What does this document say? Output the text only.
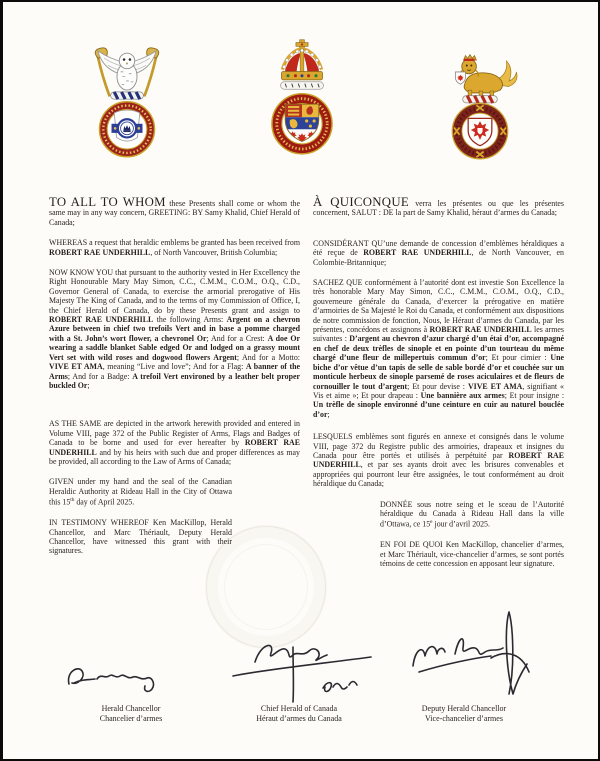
TO ALL TO WHOM these Presents shall come or whom the same may in any way concern, GREETING: BY Samy Khalid, Chief Herald of Canada;

WHEREAS a request that heraldic emblems be granted has been received from ROBERT RAE UNDERHILL, of North Vancouver, British Columbia;

NOW KNOW YOU that pursuant to the authority vested in Her Excellency the Right Honourable Mary May Simon, C.C., C.M.M., C.O.M., O.Q., C.D., Governor General of Canada, to exercise the armorial prerogative of His Majesty The King of Canada, and to the terms of my Commission of Office, I, the Chief Herald of Canada, do by these Presents grant and assign to ROBERT RAE UNDERHILL the following Arms: Argent on a chevron Azure between in chief two trefoils Vert and in base a pomme charged with a St. John’s wort flower, a chevronel Or; And for a Crest: A doe Or wearing a saddle blanket Sable edged Or and lodged on a grassy mount Vert set with wild roses and dogwood flowers Argent; And for a Motto: VIVE ET AMA, meaning “Live and love”; And for a Flag: A banner of the Arms; And for a Badge: A trefoil Vert environed by a leather belt proper buckled Or;

AS THE SAME are depicted in the artwork herewith provided and entered in Volume VIII, page 372 of the Public Register of Arms, Flags and Badges of Canada to be borne and used for ever hereafter by ROBERT RAE UNDERHILL and by his heirs with such due and proper differences as may be provided, all according to the Law of Arms of Canada;

GIVEN under my hand and the seal of the Canadian Heraldic Authority at Rideau Hall in the City of Ottawa this 15th day of April 2025.

IN TESTIMONY WHEREOF Ken MacKillop, Herald Chancellor, and Marc Thériault, Deputy Herald Chancellor, have witnessed this grant with their signatures.

À QUICONQUE verra les présentes ou que les présentes concernent, SALUT : DE la part de Samy Khalid, héraut d’armes du Canada;

CONSIDÉRANT QU’une demande de concession d’emblèmes héraldiques a été reçue de ROBERT RAE UNDERHILL, de North Vancouver, en Colombie-Britannique;

SACHEZ QUE conformément à l’autorité dont est investie Son Excellence la très honorable Mary May Simon, C.C., C.M.M., C.O.M., O.Q., C.D., gouverneure générale du Canada, d’exercer la prérogative en matière d’armoiries de Sa Majesté le Roi du Canada, et conformément aux dispositions de notre commission de fonction, Nous, le Héraut d’armes du Canada, par les présentes, concédons et assignons à ROBERT RAE UNDERHILL les armes suivantes : D’argent au chevron d’azur chargé d’un étai d’or, accompagné en chef de deux trèfles de sinople et en pointe d’un tourteau du même chargé d’une fleur de millepertuis commun d’or; Et pour cimier : Une biche d’or vêtue d’un tapis de selle de sable bordé d’or et couchée sur un monticule herbeux de sinople parsemé de roses aciculaires et de fleurs de cornouiller le tout d’argent; Et pour devise : VIVE ET AMA, signifiant « Vis et aime »; Et pour drapeau : Une bannière aux armes; Et pour insigne : Un trèfle de sinople environné d’une ceinture en cuir au naturel bouclée d’or;

LESQUELS emblèmes sont figurés en annexe et consignés dans le volume VIII, page 372 du Registre public des armoiries, drapeaux et insignes du Canada pour être portés et utilisés à perpétuité par ROBERT RAE UNDERHILL, et par ses ayants droit avec les brisures convenables et appropriées qui pourront leur être assignées, le tout conformément au droit héraldique du Canada;

DONNÉE sous notre seing et le sceau de l’Autorité héraldique du Canada à Rideau Hall dans la ville d’Ottawa, ce 15e jour d’avril 2025.

EN FOI DE QUOI Ken MacKillop, chancelier d’armes, et Marc Thériault, vice-chancelier d’armes, se sont portés témoins de cette concession en apposant leur signature.

Herald Chancellor
Chancelier d’armes
Chief Herald of Canada
Héraut d’armes du Canada
Deputy Herald Chancellor
Vice-chancelier d’armes
